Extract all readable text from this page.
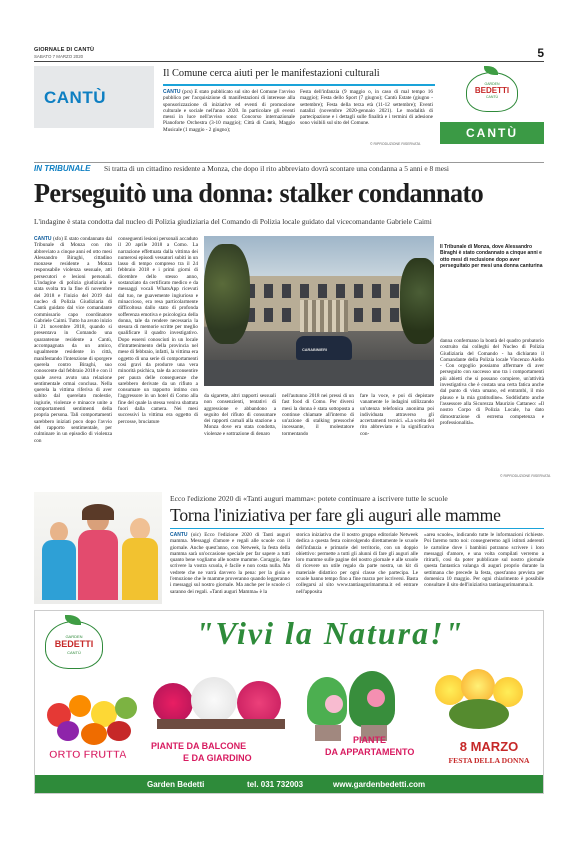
GIORNALE DI CANTÙ
SABATO 7 MARZO 2020	5
CANTÙ
Il Comune cerca aiuti per le manifestazioni culturali
CANTÙ (pcs) È stato pubblicato sul sito del Comune l'avviso pubblico per l'acquisizione di manifestazioni di interesse alla sponsorizzazione di iniziative ed eventi di promozione culturale e sociale nell'anno 2020. In particolare gli eventi messi in luce nell'avviso sono: Concorso internazionale Pianoforte Orchestra (3-10 maggio); Città di Cantù, Maggio Musicale (1 maggio - 2 giugno);
Festa dell'infanzia (9 maggio o, in caso di mal tempo 16 maggio); Festa dello Sport (7 giugno); Cantù Estate (giugno - settembre); Festa della terza età (11-12 settembre); Eventi natalizi (novembre 2020-gennaio 2021). Le modalità di partecipazione e i dettagli sulle finalità e i termini di adesione sono visibili sul sito del Comune.
© RIPRODUZIONE RISERVATA
GARDEN
BEDETTI
CANTÙ
CANTÙ
IN TRIBUNALE Si tratta di un cittadino residente a Monza, che dopo il rito abbreviato dovrà scontare una condanna a 5 anni e 8 mesi
Perseguitò una donna: stalker condannato
L'indagine è stata condotta dal nucleo di Polizia giudiziaria del Comando di Polizia locale guidato dal vicecomandante Gabriele Caimi
CANTÙ (sfo) È stato condannato dal Tribunale di Monza con rito abbreviato a cinque anni ed otto mesi Alessandro Biraghi, cittadino monzese residente a Monza responsabile violenza sessuale, atti persecutori e lesioni personali. L'indagine di polizia giudiziaria è stata svolta tra la fine di novembre del 2018 e l'inizio del 2019 dal nucleo di Polizia Giudiziaria di Cantù guidato dal vice comandante commissario capo coordinatore Gabriele Caimi. Tutto ha avuto inizio il 21 novembre 2018, quando si presentava in Comando una quarantenne residente a Cantù, accompagnata da un amico, ugualmente residente in città, manifestando l'intenzione di sporgere querela contro Biraghi, suo conoscente dal febbraio 2018 e con il quale aveva avuto una relazione sentimentale ormai conclusa. Nella querela la vittima riferiva di aver subito dal querelato molestie, ingiurie, violenze e minacce unite a comportamenti sentimenti della propria persona. Tali comportamenti sarebbero iniziati poco dopo l'avvio del rapporto sentimentale, per culminare in un episodio di violenza con
conseguenti lesioni personali accaduto il 20 aprile 2018 a Como. La narrazione effettuata dalla vittima dei numerosi episodi vessatori subiti in un lasso di tempo compreso tra il 24 febbraio 2018 e i primi giorni di dicembre dello stesso anno, sostanziato da certificato medico e da messaggi vocali WhatsApp ricevuti dal tuo, ne guavemente ingiurioso e minaccioso, era resa particolarmente difficoltosa dallo stato di profonda sofferenza emotiva e psicologica della donna, tale da rendere necessaria la stesura di memorie scritte per meglio qualificare il quadro investigativo. Dopo essersi conosciuti in un locale d'intrattenimento della provincia nel mese di febbraio, infatti, la vittima era oggetto di una serie di comportamenti così gravi da produrre una vera minorità psichica, tale da acconsentire per paura delle conseguenze che sarebbero derivate da un rifiuto a consumare un rapporto intimo con l'aggressore in un hotel di Como alla fine del quale la stessa veniva sbattuta fuori dalla camera. Nei mesi successivi la vittima era oggetto di percosse, bruciature
CARABINIERI
Il Tribunale di Monza, dove Alessandro Biraghi è stato condannato a cinque anni e otto mesi di reclusione dopo aver perseguitato per mesi una donna canturina
da sigarette, altri rapporti sessuali non consenzienti, tentativi di aggressione e abbandono a seguito del rifiuto di consumare dei rapporti carnali alla stazione a Monza dove era stata condotta, violenze e sottrazione di denaro
nell'autunno 2018 nei pressi di un fast food di Como. Per diversi mesi la donna è stata sottoposta a continue chiamate all'interno di un'azione di stalking pressoché incessante, il molestatore tormentando
fare la voce, e poi di depistare vanamente le indagini utilizzando un'utenza telefonica anonima poi individuata attraverso gli accertamenti tecnici. «La scelta del rito abbreviato e la significativa con-
danna confermano la bontà del quadro probatorio costruito dai colleghi del Nucleo di Polizia Giudiziaria del Comando - ha dichiarato il Comandante della Polizia locale Vincenzo Aiello - Con orgoglio possiamo affermare di aver perseguito con successo uno tra i comportamenti più abietti che si possano compiere, un'attività investigativa che è costata una certa fatica anche dal punto di vista umano, ed entrambi, il mio plauso e la mia gratitudine». Soddisfatto anche l'assessore alla Sicurezza Maurizio Cattaneo: «Il nostro Corpo di Polizia Locale, ha dato dimostrazione di estrema competenza e professionalità».
© RIPRODUZIONE RISERVATA
Ecco l'edizione 2020 di «Tanti auguri mamma»: potete continuare a iscrivere tutte le scuole
Torna l'iniziativa per fare gli auguri alle mamme
CANTÙ (oic) Ecco l'edizione 2020 di Tanti auguri mamma. Messaggi d'amore e regali alle scuole con il giornale. Anche quest'anno, con Netweek, la festa della mamma sarà un'occasione speciale per far sapere a tutti quanto bene vogliamo alle nostre mamme. Coraggio, fate scrivere la vostra scuola, è facile e non costa nulla. Ma vedrete che ne varrà davvero la pena: per la gioia e l'emozione che le mamme proveranno quando leggeranno i messaggi sul nostro giornale. Ma anche per le scuole ci saranno dei regali. «Tanti auguri Mamma» è la
storica iniziativa che il nostro gruppo editoriale Netweek dedica a questa festa coinvolgendo direttamente le scuole dell'infanzia e primarie del territorio, con un doppio obiettivo: permette a tutti gli alunni di fare gli auguri alle loro mamme sulle pagine del nostro giornale e alle scuole di ricevere un utile regalo da parte nostra, un kit di materiale didattico per ogni classe che partecipa. Le scuole hanno tempo fino a fine marzo per iscriversi. Basta collegarsi al sito www.tantiaugurimamma.it ed entrare nell'apposita
«area scuole», indicando tutte le informazioni richieste. Poi faremo tutto noi: consegneremo agli istituti aderenti le cartoline dove i bambini potranno scrivere i loro messaggi d'amore, e una volta compilati verremo a ritirarli, così da poter pubblicare sul nostro giornale questa fantastica valanga di auguri proprio durante la settimana che precede la festa, quest'anno prevista per domenica 10 maggio. Per ogni chiarimento è possibile consultare il sito dell'iniziativa tantiaugurimamma.it.
GARDEN
BEDETTI
CANTÙ
"Vivi la Natura!"
ORTO FRUTTA
PIANTE DA BALCONE
E DA GIARDINO
PIANTE
DA APPARTAMENTO	8 MARZO
FESTA DELLA DONNA
Garden Bedetti	tel. 031 732003	www.gardenbedetti.com
